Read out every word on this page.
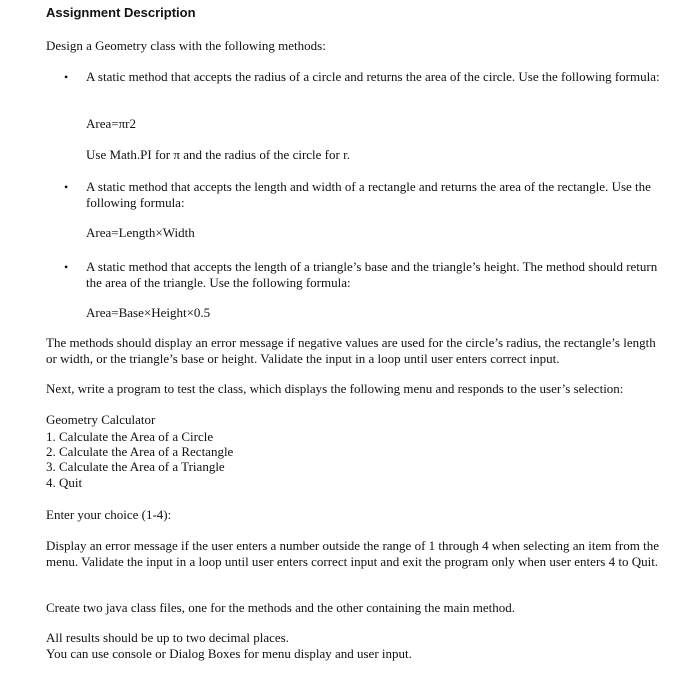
Assignment Description
Design a Geometry class with the following methods:
• A static method that accepts the radius of a circle and returns the area of the circle. Use the following formula:
Area=πr2
Use Math.PI for π and the radius of the circle for r.
• A static method that accepts the length and width of a rectangle and returns the area of the rectangle. Use the following formula:
Area=Length×Width
• A static method that accepts the length of a triangle’s base and the triangle’s height. The method should return the area of the triangle. Use the following formula:
Area=Base×Height×0.5
The methods should display an error message if negative values are used for the circle’s radius, the rectangle’s length or width, or the triangle’s base or height. Validate the input in a loop until user enters correct input.
Next, write a program to test the class, which displays the following menu and responds to the user’s selection:
Geometry Calculator
1. Calculate the Area of a Circle
2. Calculate the Area of a Rectangle
3. Calculate the Area of a Triangle
4. Quit
Enter your choice (1-4):
Display an error message if the user enters a number outside the range of 1 through 4 when selecting an item from the menu. Validate the input in a loop until user enters correct input and exit the program only when user enters 4 to Quit.
Create two java class files, one for the methods and the other containing the main method.
All results should be up to two decimal places.
You can use console or Dialog Boxes for menu display and user input.
